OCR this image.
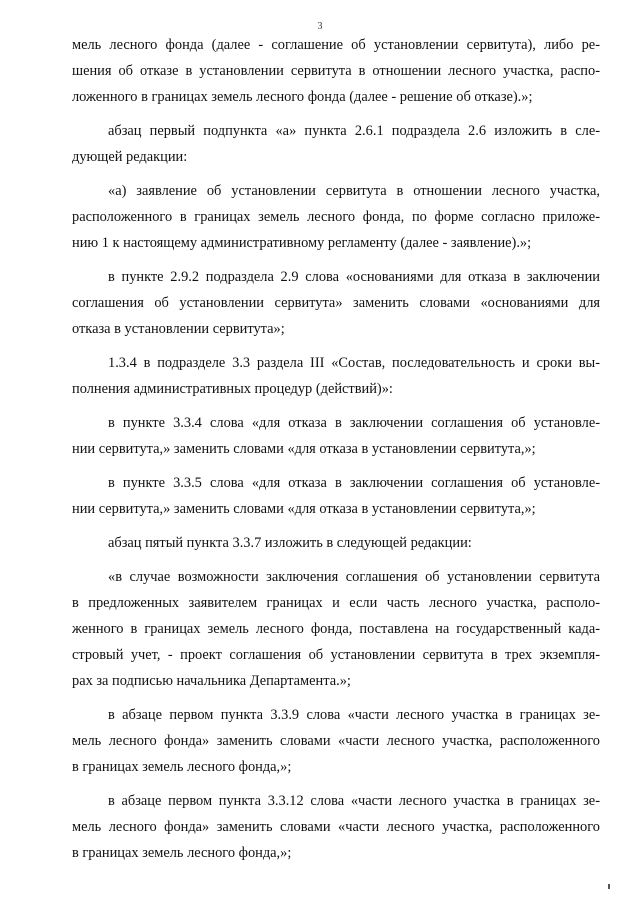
3
мель лесного фонда (далее - соглашение об установлении сервитута), либо ре-
шения об отказе в установлении сервитута в отношении лесного участка, распо-
ложенного в границах земель лесного фонда (далее - решение об отказе).»;
абзац первый подпункта «а» пункта 2.6.1 подраздела 2.6 изложить в сле-
дующей редакции:
«а) заявление об установлении сервитута в отношении лесного участка,
расположенного в границах земель лесного фонда, по форме согласно приложе-
нию 1 к настоящему административному регламенту (далее - заявление).»;
в пункте 2.9.2 подраздела 2.9 слова «основаниями для отказа в заключении
соглашения об установлении сервитута» заменить словами «основаниями для
отказа в установлении сервитута»;
1.3.4 в подразделе 3.3 раздела III «Состав, последовательность и сроки вы-
полнения административных процедур (действий)»:
в пункте 3.3.4 слова «для отказа в заключении соглашения об установле-
нии сервитута,» заменить словами «для отказа в установлении сервитута,»;
в пункте 3.3.5 слова «для отказа в заключении соглашения об установле-
нии сервитута,» заменить словами «для отказа в установлении сервитута,»;
абзац пятый пункта 3.3.7 изложить в следующей редакции:
«в случае возможности заключения соглашения об установлении сервитута
в предложенных заявителем границах и если часть лесного участка, располо-
женного в границах земель лесного фонда, поставлена на государственный када-
стровый учет, - проект соглашения об установлении сервитута в трех экземпля-
рах за подписью начальника Департамента.»;
в абзаце первом пункта 3.3.9 слова «части лесного участка в границах зе-
мель лесного фонда» заменить словами «части лесного участка, расположенного
в границах земель лесного фонда,»;
в абзаце первом пункта 3.3.12 слова «части лесного участка в границах зе-
мель лесного фонда» заменить словами «части лесного участка, расположенного
в границах земель лесного фонда,»;
